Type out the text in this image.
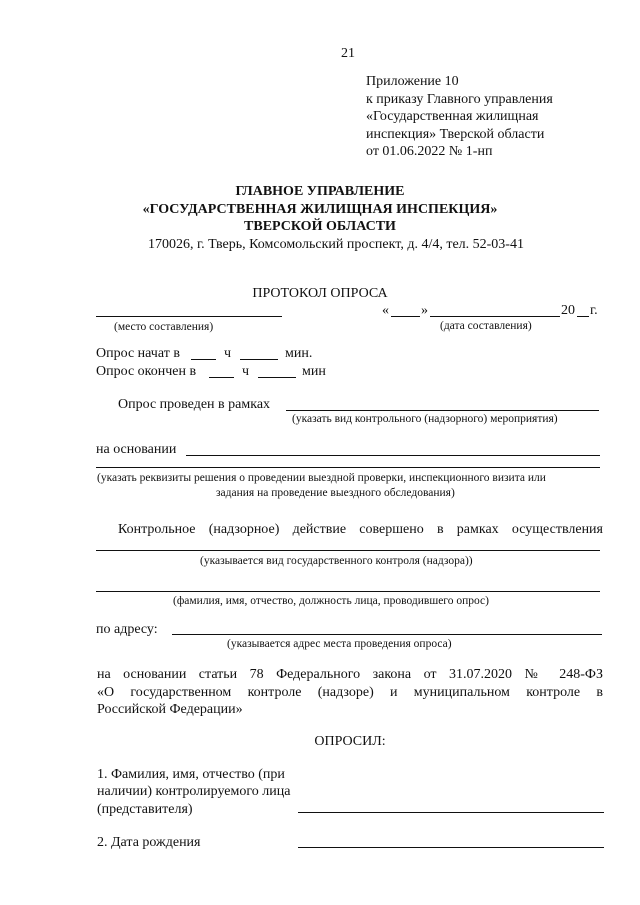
21
Приложение 10
к приказу Главного управления
«Государственная жилищная
инспекция» Тверской области
от 01.06.2022 № 1-нп
ГЛАВНОЕ УПРАВЛЕНИЕ
«ГОСУДАРСТВЕННАЯ ЖИЛИЩНАЯ ИНСПЕКЦИЯ»
ТВЕРСКОЙ ОБЛАСТИ
170026, г. Тверь, Комсомольский проспект, д. 4/4, тел. 52-03-41
ПРОТОКОЛ ОПРОСА
« »	20 г.
(место составления)	(дата составления)
Опрос начат в	ч	мин.
Опрос окончен в	ч	мин
Опрос проведен в рамках
(указать вид контрольного (надзорного) мероприятия)
на основании
(указать реквизиты решения о проведении выездной проверки, инспекционного визита или
задания на проведение выездного обследования)
Контрольное (надзорное) действие совершено в рамках осуществления
(указывается вид государственного контроля (надзора))
(фамилия, имя, отчество, должность лица, проводившего опрос)
по адресу:
(указывается адрес места проведения опроса)
на основании статьи 78 Федерального закона от 31.07.2020 № 248-ФЗ
«О государственном контроле (надзоре) и муниципальном контроле в
Российской Федерации»
ОПРОСИЛ:
1. Фамилия, имя, отчество (при
наличии) контролируемого лица
(представителя)
2. Дата рождения
